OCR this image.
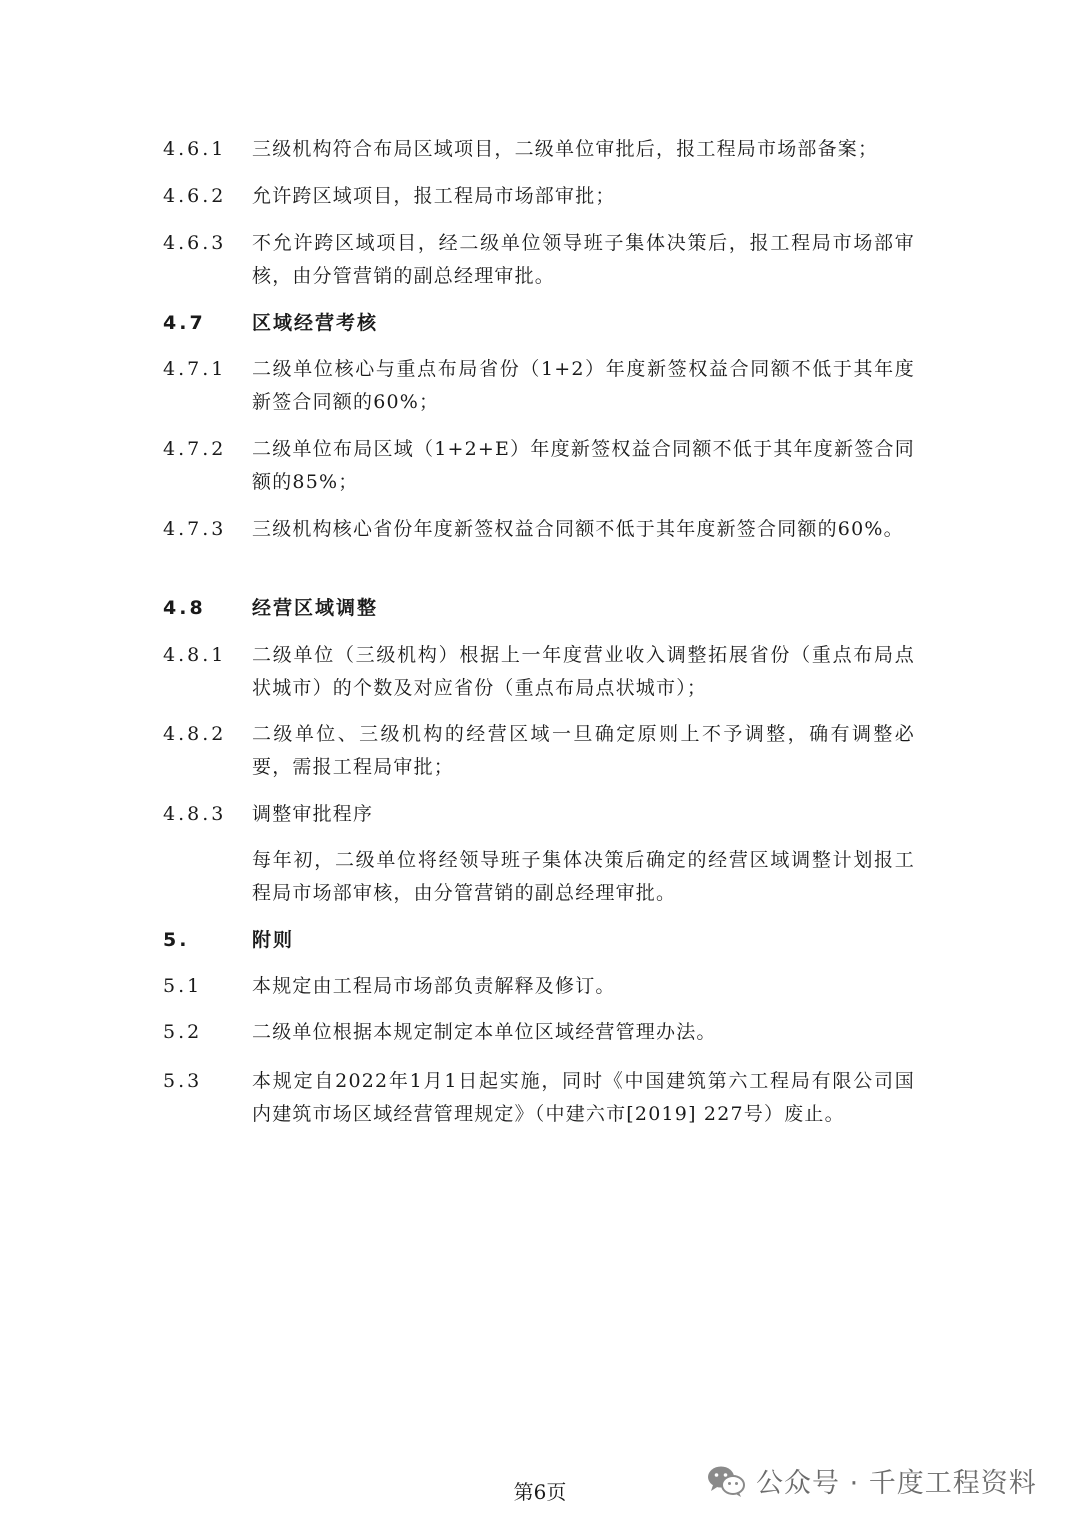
4.6.1	三级机构符合布局区域项目，二级单位审批后，报工程局市场部备案；
4.6.2	允许跨区域项目，报工程局市场部审批；
4.6.3	不允许跨区域项目，经二级单位领导班子集体决策后，报工程局市场部审核，由分管营销的副总经理审批。
4.7	区域经营考核
4.7.1	二级单位核心与重点布局省份（1+2）年度新签权益合同额不低于其年度新签合同额的60%；
4.7.2	二级单位布局区域（1+2+E）年度新签权益合同额不低于其年度新签合同额的85%；
4.7.3	三级机构核心省份年度新签权益合同额不低于其年度新签合同额的60%。
4.8	经营区域调整
4.8.1	二级单位（三级机构）根据上一年度营业收入调整拓展省份（重点布局点状城市）的个数及对应省份（重点布局点状城市）；
4.8.2	二级单位、三级机构的经营区域一旦确定原则上不予调整，确有调整必要，需报工程局审批；
4.8.3	调整审批程序
每年初，二级单位将经领导班子集体决策后确定的经营区域调整计划报工程局市场部审核，由分管营销的副总经理审批。
5.	附则
5.1	本规定由工程局市场部负责解释及修订。
5.2	二级单位根据本规定制定本单位区域经营管理办法。
5.3	本规定自2022年1月1日起实施，同时《中国建筑第六工程局有限公司国内建筑市场区域经营管理规定》（中建六市[2019] 227号）废止。
第6页	公众号 · 千度工程资料
